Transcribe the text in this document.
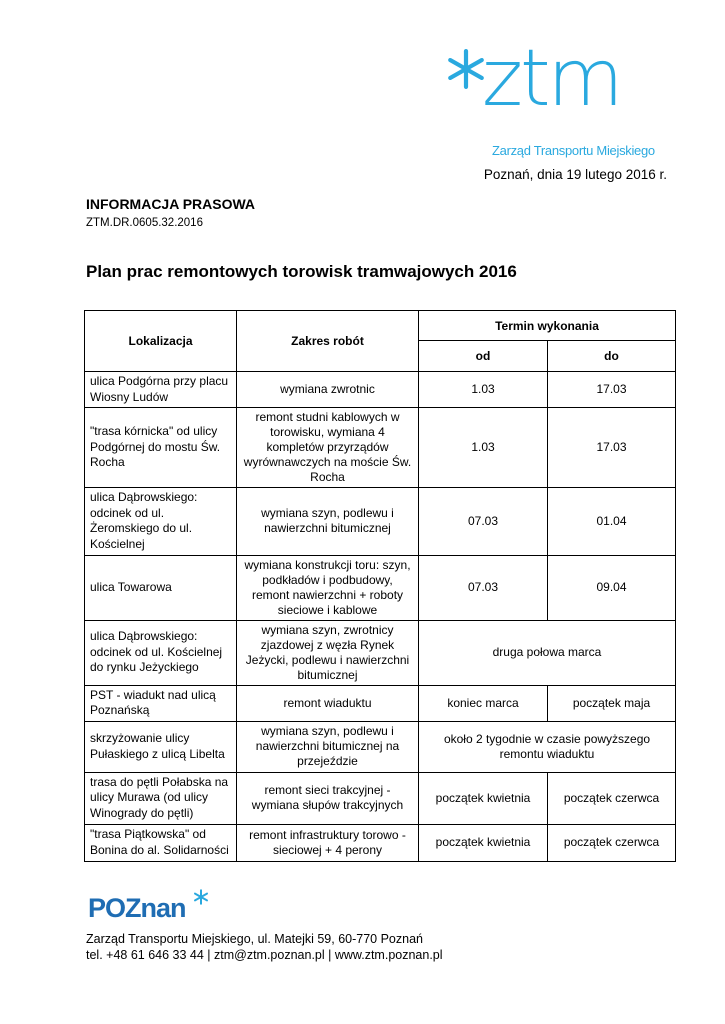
ztm
Zarząd Transportu Miejskiego
Poznań, dnia 19 lutego 2016 r.
INFORMACJA PRASOWA
ZTM.DR.0605.32.2016
Plan prac remontowych torowisk tramwajowych 2016
Lokalizacja	Zakres robót	Termin wykonania	
		od	do
ulica Podgórna przy placu Wiosny Ludów	wymiana zwrotnic	1.03	17.03
"trasa kórnicka" od ulicy Podgórnej do mostu Św. Rocha	remont studni kablowych w torowisku, wymiana 4 kompletów przyrządów wyrównawczych na moście Św. Rocha	1.03	17.03
ulica Dąbrowskiego: odcinek od ul. Żeromskiego do ul. Kościelnej	wymiana szyn, podlewu i nawierzchni bitumicznej	07.03	01.04
ulica Towarowa	wymiana konstrukcji toru: szyn, podkładów i podbudowy, remont nawierzchni + roboty sieciowe i kablowe	07.03	09.04
ulica Dąbrowskiego: odcinek od ul. Kościelnej do rynku Jeżyckiego	wymiana szyn, zwrotnicy zjazdowej z węzła Rynek Jeżycki, podlewu i nawierzchni bitumicznej	druga połowa marca	
PST - wiadukt nad ulicą Poznańską	remont wiaduktu	koniec marca	początek maja
skrzyżowanie ulicy Pułaskiego z ulicą Libelta	wymiana szyn, podlewu i nawierzchni bitumicznej na przejeździe	około 2 tygodnie w czasie powyższego remontu wiaduktu	
trasa do pętli Połabska na ulicy Murawa (od ulicy Winogrady do pętli)	remont sieci trakcyjnej - wymiana słupów trakcyjnych	początek kwietnia	początek czerwca
"trasa Piątkowska" od Bonina do al. Solidarności	remont infrastruktury torowo - sieciowej + 4 perony	początek kwietnia	początek czerwca
POZnan
Zarząd Transportu Miejskiego, ul. Matejki 59, 60-770 Poznań
tel. +48 61 646 33 44 | ztm@ztm.poznan.pl | www.ztm.poznan.pl
